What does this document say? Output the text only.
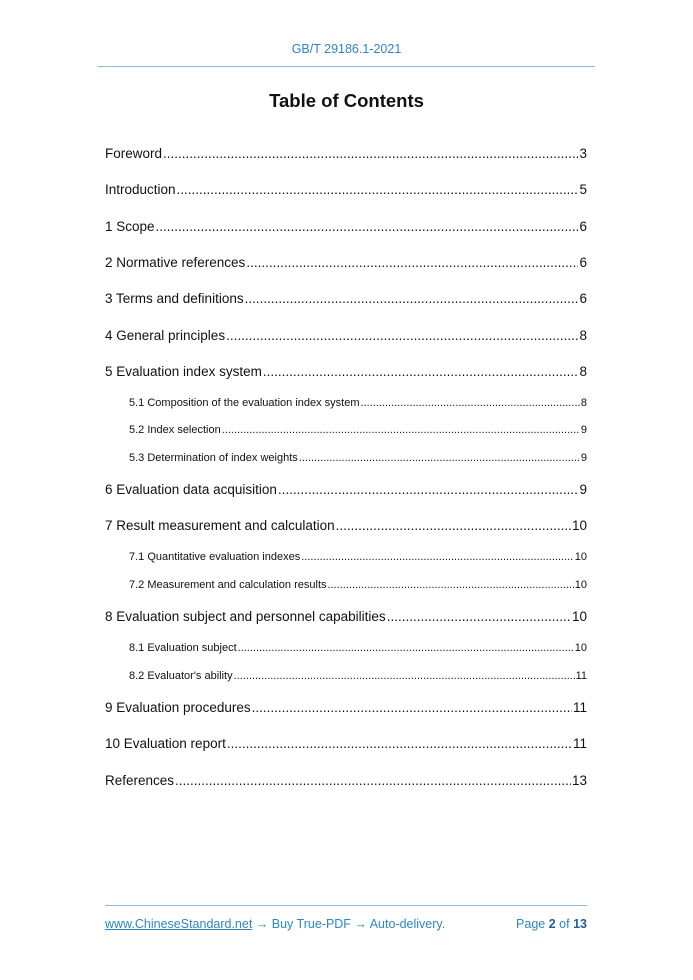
GB/T 29186.1-2021
Table of Contents
Foreword .....	3
Introduction .....	5
1 Scope .....	6
2 Normative references .....	6
3 Terms and definitions .....	6
4 General principles .....	8
5 Evaluation index system .....	8
5.1 Composition of the evaluation index system .....	8
5.2 Index selection .....	9
5.3 Determination of index weights .....	9
6 Evaluation data acquisition .....	9
7 Result measurement and calculation .....	10
7.1 Quantitative evaluation indexes .....	10
7.2 Measurement and calculation results .....	10
8 Evaluation subject and personnel capabilities .....	10
8.1 Evaluation subject .....	10
8.2 Evaluator's ability .....	11
9 Evaluation procedures .....	11
10 Evaluation report .....	11
References .....	13
www.ChineseStandard.net → Buy True-PDF → Auto-delivery.	Page 2 of 13
